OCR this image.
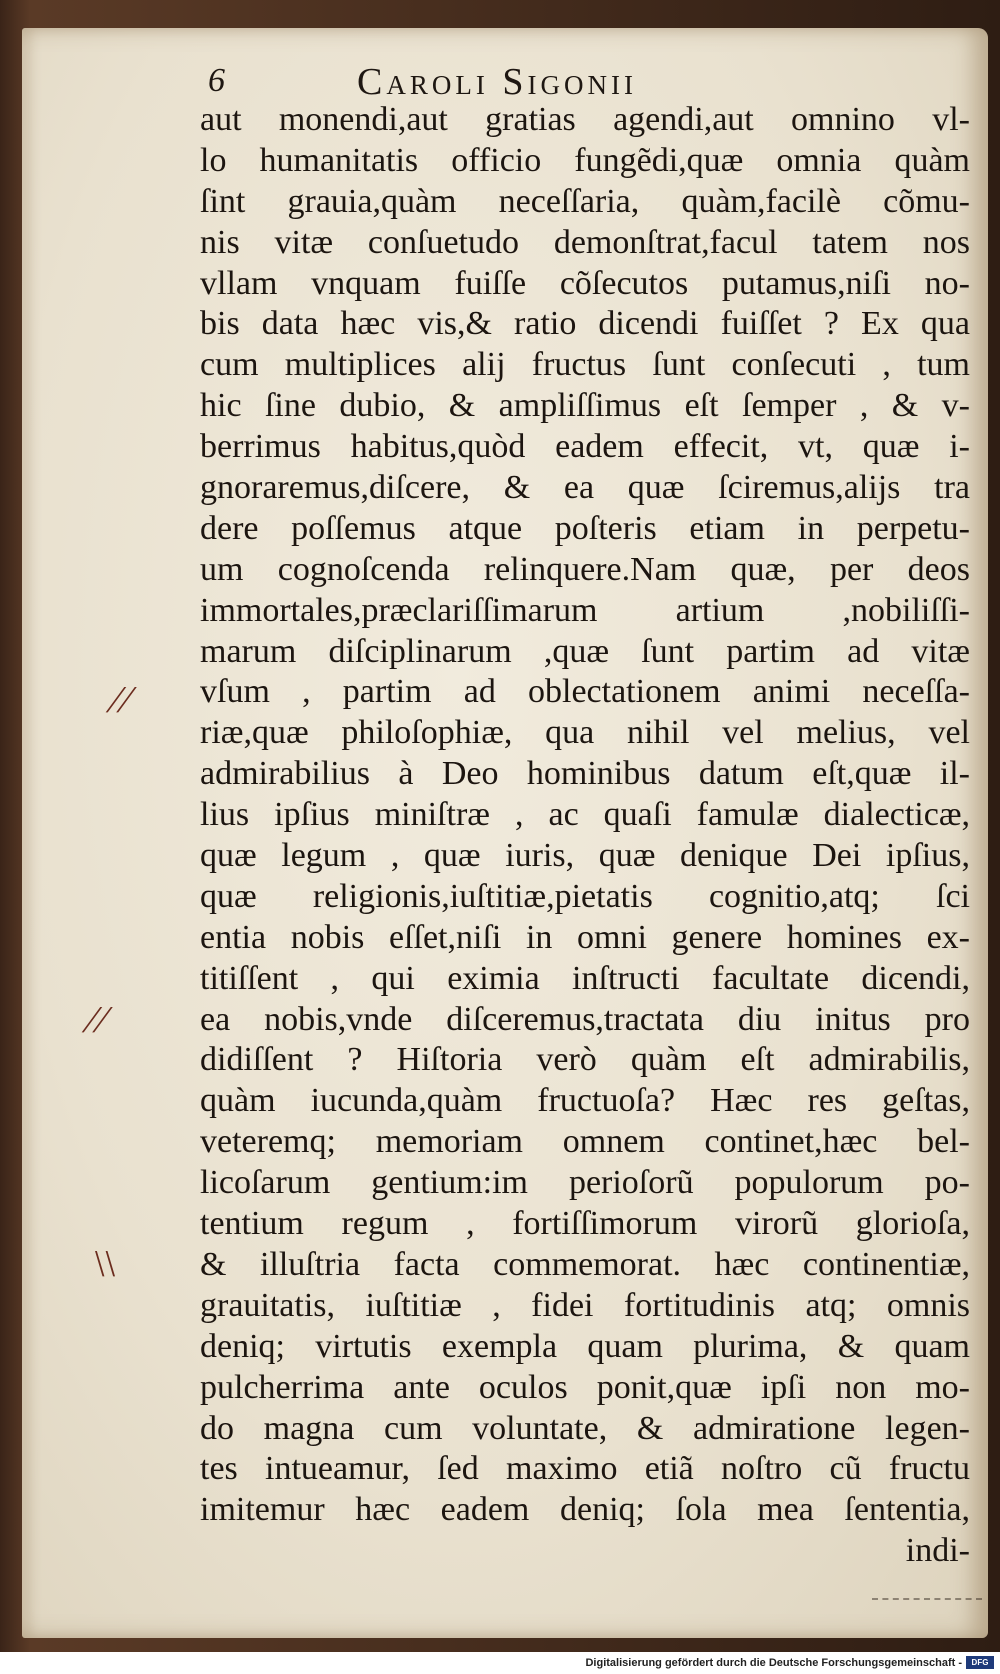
6	Caroli Sigonii
//
//
\\
aut monendi,aut gratias agendi,aut omnino vl-
lo humanitatis officio fungẽdi,quæ omnia quàm
ſint grauia,quàm neceſſaria, quàm,facilè cõmu-
nis vitæ conſuetudo demonſtrat,facul tatem nos
vllam vnquam fuiſſe cõſecutos putamus,niſi no-
bis data hæc vis,& ratio dicendi fuiſſet ? Ex qua
cum multiplices alij fructus ſunt conſecuti , tum
hic ſine dubio, & ampliſſimus eſt ſemper , & v-
berrimus habitus,quòd eadem effecit, vt, quæ i-
gnoraremus,diſcere, & ea quæ ſciremus,alijs tra
dere poſſemus atque poſteris etiam in perpetu-
um cognoſcenda relinquere.Nam quæ, per deos
immortales,præclariſſimarum artium ,nobiliſſi-
marum diſciplinarum ,quæ ſunt partim ad vitæ
vſum , partim ad oblectationem animi neceſſa-
riæ,quæ philoſophiæ, qua nihil vel melius, vel
admirabilius à Deo hominibus datum eſt,quæ il-
lius ipſius miniſtræ , ac quaſi famulæ dialecticæ,
quæ legum , quæ iuris, quæ denique Dei ipſius,
quæ religionis,iuſtitiæ,pietatis cognitio,atq; ſci
entia nobis eſſet,niſi in omni genere homines ex-
titiſſent , qui eximia inſtructi facultate dicendi,
ea nobis,vnde diſceremus,tractata diu initus pro
didiſſent ? Hiſtoria verò quàm eſt admirabilis,
quàm iucunda,quàm fructuoſa? Hæc res geſtas,
veteremq; memoriam omnem continet,hæc bel-
licoſarum gentium:im perioſorũ populorum po-
tentium regum , fortiſſimorum virorũ glorioſa,
& illuſtria facta commemorat. hæc continentiæ,
grauitatis, iuſtitiæ , fidei fortitudinis atq; omnis
deniq; virtutis exempla quam plurima, & quam
pulcherrima ante oculos ponit,quæ ipſi non mo-
do magna cum voluntate, & admiratione legen-
tes intueamur, ſed maximo etiã noſtro cũ fructu
imitemur hæc eadem deniq; ſola mea ſententia,
indi-
Digitalisierung gefördert durch die Deutsche Forschungsgemeinschaft -	DFG
